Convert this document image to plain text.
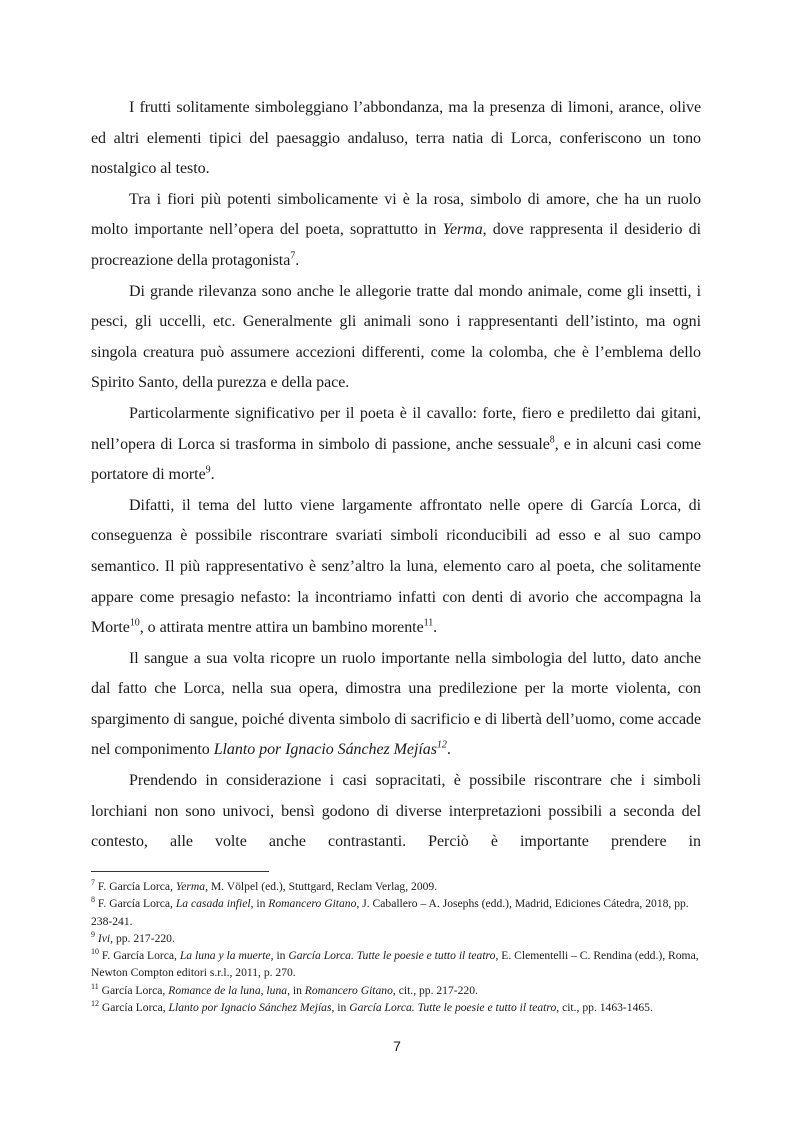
I frutti solitamente simboleggiano l’abbondanza, ma la presenza di limoni, arance, olive ed altri elementi tipici del paesaggio andaluso, terra natia di Lorca, conferiscono un tono nostalgico al testo.

Tra i fiori più potenti simbolicamente vi è la rosa, simbolo di amore, che ha un ruolo molto importante nell’opera del poeta, soprattutto in Yerma, dove rappresenta il desiderio di procreazione della protagonista$^7$.

Di grande rilevanza sono anche le allegorie tratte dal mondo animale, come gli insetti, i pesci, gli uccelli, etc. Generalmente gli animali sono i rappresentanti dell’istinto, ma ogni singola creatura può assumere accezioni differenti, come la colomba, che è l’emblema dello Spirito Santo, della purezza e della pace.

Particolarmente significativo per il poeta è il cavallo: forte, fiero e prediletto dai gitani, nell’opera di Lorca si trasforma in simbolo di passione, anche sessuale$^8$, e in alcuni casi come portatore di morte$^9$.

Difatti, il tema del lutto viene largamente affrontato nelle opere di García Lorca, di conseguenza è possibile riscontrare svariati simboli riconducibili ad esso e al suo campo semantico. Il più rappresentativo è senz’altro la luna, elemento caro al poeta, che solitamente appare come presagio nefasto: la incontriamo infatti con denti di avorio che accompagna la Morte$^{10}$, o attirata mentre attira un bambino morente$^{11}$.

Il sangue a sua volta ricopre un ruolo importante nella simbologia del lutto, dato anche dal fatto che Lorca, nella sua opera, dimostra una predilezione per la morte violenta, con spargimento di sangue, poiché diventa simbolo di sacrificio e di libertà dell’uomo, come accade nel componimento Llanto por Ignacio Sánchez Mejías$^{12}$.

Prendendo in considerazione i casi sopracitati, è possibile riscontrare che i simboli lorchiani non sono univoci, bensì godono di diverse interpretazioni possibili a seconda del contesto, alle volte anche contrastanti. Perciò è importante prendere in

$^7$ F. García Lorca, Yerma, M. Völpel (ed.), Stuttgard, Reclam Verlag, 2009.
$^8$ F. García Lorca, La casada infiel, in Romancero Gitano, J. Caballero – A. Josephs (edd.), Madrid, Ediciones Cátedra, 2018, pp. 238-241.
$^9$ Ivi, pp. 217-220.
$^{10}$ F. García Lorca, La luna y la muerte, in García Lorca. Tutte le poesie e tutto il teatro, E. Clementelli – C. Rendina (edd.), Roma, Newton Compton editori s.r.l., 2011, p. 270.
$^{11}$ García Lorca, Romance de la luna, luna, in Romancero Gitano, cit., pp. 217-220.
$^{12}$ García Lorca, Llanto por Ignacio Sánchez Mejías, in García Lorca. Tutte le poesie e tutto il teatro, cit., pp. 1463-1465.
7
